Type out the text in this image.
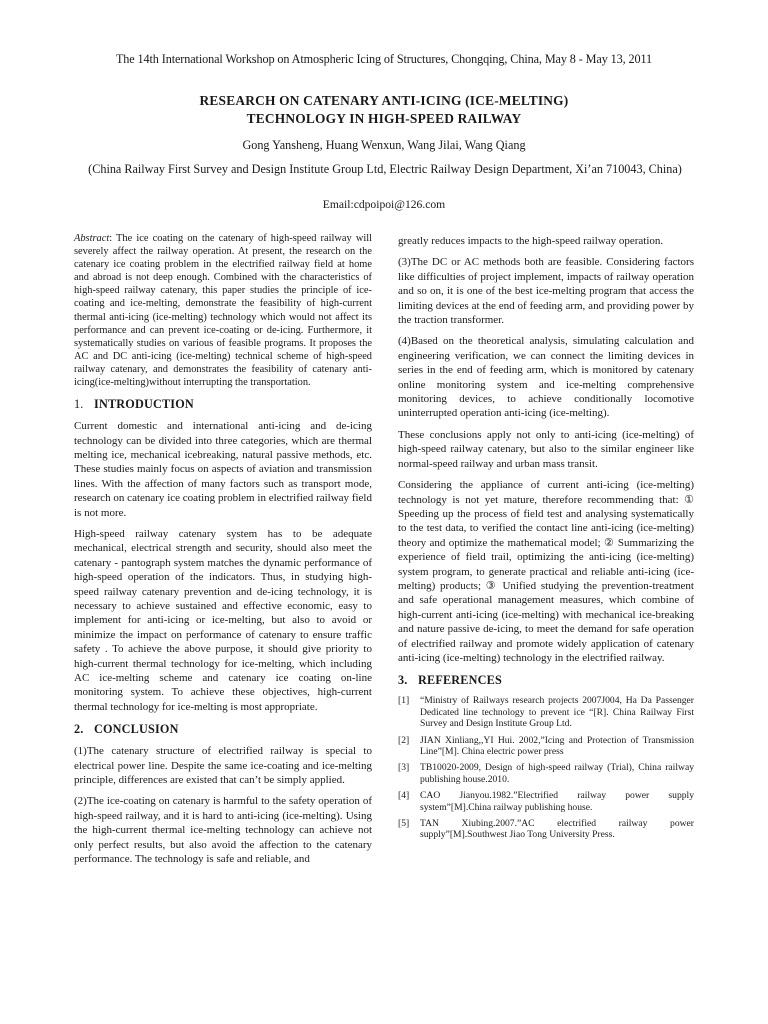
The 14th International Workshop on Atmospheric Icing of Structures, Chongqing, China, May 8 - May 13, 2011
RESEARCH ON CATENARY ANTI-ICING (ICE-MELTING)
TECHNOLOGY IN HIGH-SPEED RAILWAY
Gong Yansheng, Huang Wenxun, Wang Jilai, Wang Qiang
(China Railway First Survey and Design Institute Group Ltd, Electric Railway Design Department, Xi’an 710043, China)
Email:cdpoipoi@126.com

Abstract: The ice coating on the catenary of high-speed railway will severely affect the railway operation. At present, the research on the catenary ice coating problem in the electrified railway field at home and abroad is not deep enough. Combined with the characteristics of high-speed railway catenary, this paper studies the principle of ice-coating and ice-melting, demonstrate the feasibility of high-current thermal anti-icing (ice-melting) technology which would not affect its performance and can prevent ice-coating or de-icing. Furthermore, it systematically studies on various of feasible programs. It proposes the AC and DC anti-icing (ice-melting) technical scheme of high-speed railway catenary, and demonstrates the feasibility of catenary anti-icing(ice-melting)without interrupting the transportation.

1. INTRODUCTION

Current domestic and international anti-icing and de-icing technology can be divided into three categories, which are thermal melting ice, mechanical icebreaking, natural passive methods, etc. These studies mainly focus on aspects of aviation and transmission lines. With the affection of many factors such as transport mode, research on catenary ice coating problem in electrified railway field is not more.

High-speed railway catenary system has to be adequate mechanical, electrical strength and security, should also meet the catenary - pantograph system matches the dynamic performance of high-speed operation of the indicators. Thus, in studying high-speed railway catenary prevention and de-icing technology, it is necessary to achieve sustained and effective economic, easy to implement for anti-icing or ice-melting, but also to avoid or minimize the impact on performance of catenary to ensure traffic safety . To achieve the above purpose, it should give priority to high-current thermal technology for ice-melting, which including AC ice-melting scheme and catenary ice coating on-line monitoring system. To achieve these objectives, high-current thermal technology for ice-melting is most appropriate.

2. CONCLUSION

(1)The catenary structure of electrified railway is special to electrical power line. Despite the same ice-coating and ice-melting principle, differences are existed that can’t be simply applied.

(2)The ice-coating on catenary is harmful to the safety operation of high-speed railway, and it is hard to anti-icing (ice-melting). Using the high-current thermal ice-melting technology can achieve not only perfect results, but also avoid the affection to the catenary performance. The technology is safe and reliable, and

greatly reduces impacts to the high-speed railway operation.

(3)The DC or AC methods both are feasible. Considering factors like difficulties of project implement, impacts of railway operation and so on, it is one of the best ice-melting program that access the limiting devices at the end of feeding arm, and providing power by the traction transformer.

(4)Based on the theoretical analysis, simulating calculation and engineering verification, we can connect the limiting devices in series in the end of feeding arm, which is monitored by catenary online monitoring system and ice-melting comprehensive monitoring devices, to achieve conditionally locomotive uninterrupted operation anti-icing (ice-melting).

These conclusions apply not only to anti-icing (ice-melting) of high-speed railway catenary, but also to the similar engineer like normal-speed railway and urban mass transit.

Considering the appliance of current anti-icing (ice-melting) technology is not yet mature, therefore recommending that: ① Speeding up the process of field test and analysing systematically to the test data, to verified the contact line anti-icing (ice-melting) theory and optimize the mathematical model; ② Summarizing the experience of field trail, optimizing the anti-icing (ice-melting) system program, to generate practical and reliable anti-icing (ice-melting) products; ③ Unified studying the prevention-treatment and safe operational management measures, which combine of high-current anti-icing (ice-melting) with mechanical ice-breaking and nature passive de-icing, to meet the demand for safe operation of electrified railway and promote widely application of catenary anti-icing (ice-melting) technology in the electrified railway.

3. REFERENCES
[1] “Ministry of Railways research projects 2007J004, Ha Da Passenger Dedicated line technology to prevent ice “[R]. China Railway First Survey and Design Institute Group Ltd.
[2] JIAN Xinliang,,YI Hui. 2002,”Icing and Protection of Transmission Line”[M]. China electric power press
[3] TB10020-2009, Design of high-speed railway (Trial), China railway publishing house.2010.
[4] CAO Jianyou.1982.”Electrified railway power supply system”[M].China railway publishing house.
[5] TAN Xiubing.2007.”AC electrified railway power supply”[M].Southwest Jiao Tong University Press.
